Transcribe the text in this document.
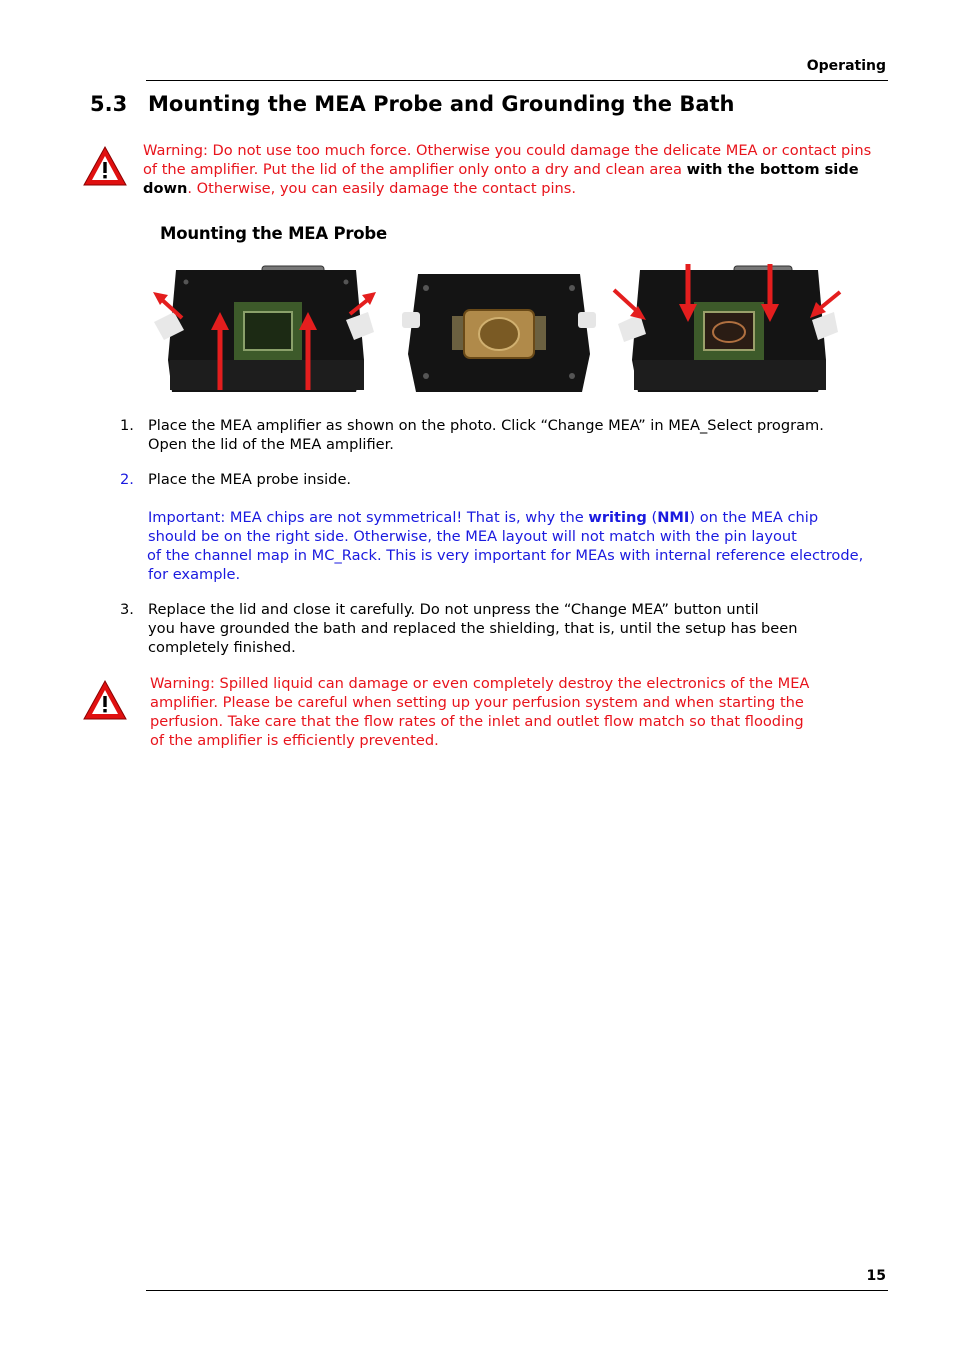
Operating
5.3 Mounting the MEA Probe and Grounding the Bath
Warning: Do not use too much force. Otherwise you could damage the delicate MEA or contact pins of the amplifier. Put the lid of the amplifier only onto a dry and clean area with the bottom side down. Otherwise, you can easily damage the contact pins.
Mounting the MEA Probe
1. Place the MEA amplifier as shown on the photo. Click “Change MEA” in MEA_Select program.
Open the lid of the MEA amplifier.
2. Place the MEA probe inside.
Important: MEA chips are not symmetrical! That is, why the writing (NMI) on the MEA chip
should be on the right side. Otherwise, the MEA layout will not match with the pin layout
of the channel map in MC_Rack. This is very important for MEAs with internal reference electrode,
for example.
3. Replace the lid and close it carefully. Do not unpress the “Change MEA” button until
you have grounded the bath and replaced the shielding, that is, until the setup has been
completely finished.
Warning: Spilled liquid can damage or even completely destroy the electronics of the MEA
amplifier. Please be careful when setting up your perfusion system and when starting the
perfusion. Take care that the flow rates of the inlet and outlet flow match so that flooding
of the amplifier is efficiently prevented.
15
